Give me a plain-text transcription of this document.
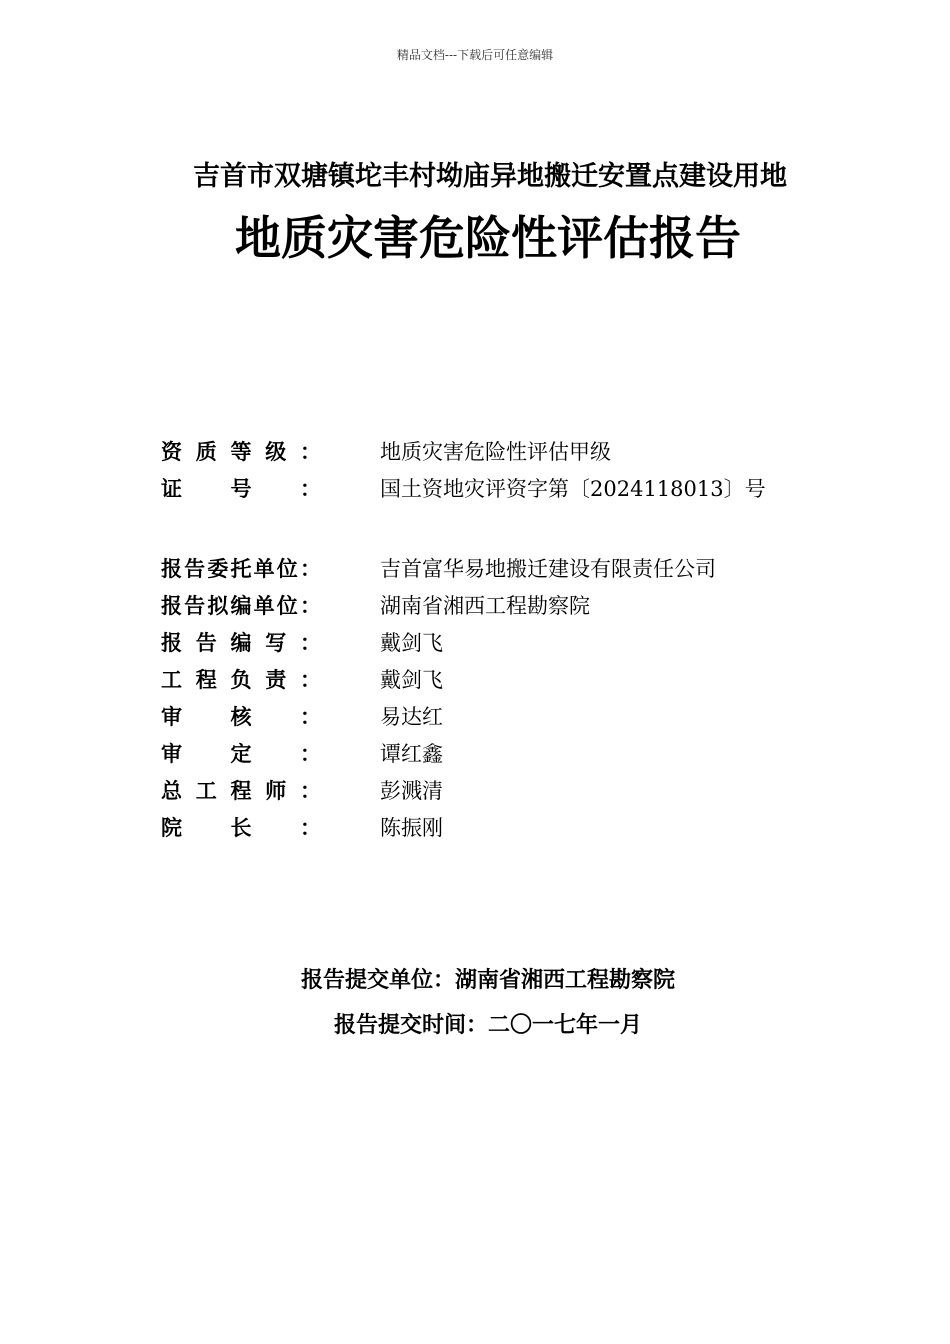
精品文档---下载后可任意编辑
吉首市双塘镇坨丰村坳庙异地搬迁安置点建设用地
地质灾害危险性评估报告
资 质 等 级 ：	地质灾害危险性评估甲级
证 号 ：	国土资地灾评资字第〔2024118013〕号
报 告 委 托 单 位 ：	吉首富华易地搬迁建设有限责任公司
报 告 拟 编 单 位 ：	湖南省湘西工程勘察院
报 告 编 写 ：	戴剑飞
工 程 负 责 ：	戴剑飞
审 核 ：	易达红
审 定 ：	谭红鑫
总 工 程 师 ：	彭溅清
院 长 ：	陈振刚
报告提交单位：湖南省湘西工程勘察院
报告提交时间：二〇一七年一月
